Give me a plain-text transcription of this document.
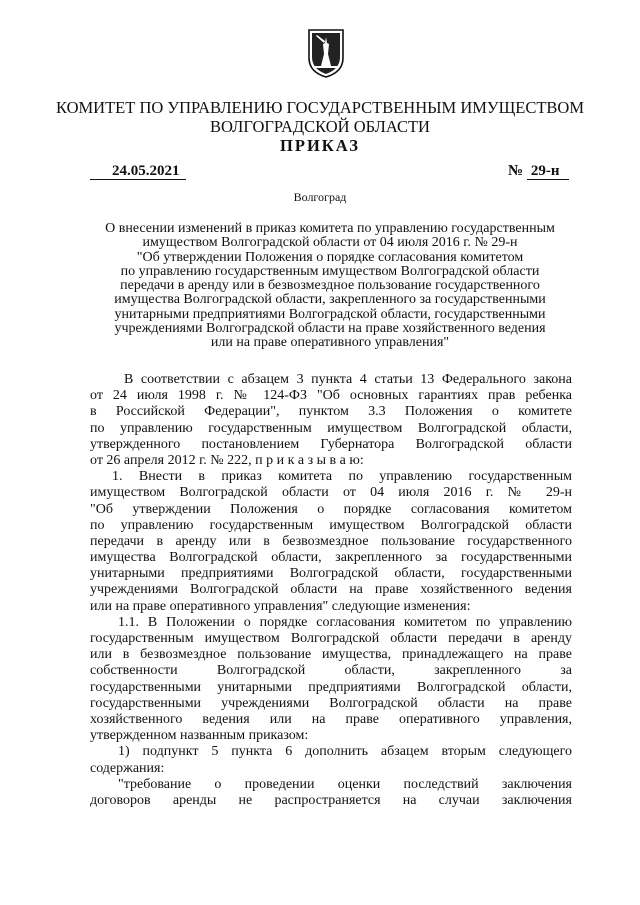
КОМИТЕТ ПО УПРАВЛЕНИЮ ГОСУДАРСТВЕННЫМ ИМУЩЕСТВОМ
ВОЛГОГРАДСКОЙ ОБЛАСТИ
ПРИКАЗ
24.05.2021	№ 29-н
Волгоград
О внесении изменений в приказ комитета по управлению государственным
имуществом Волгоградской области от 04 июля 2016 г. № 29-н
"Об утверждении Положения о порядке согласования комитетом
по управлению государственным имуществом Волгоградской области
передачи в аренду или в безвозмездное пользование государственного
имущества Волгоградской области, закрепленного за государственными
унитарными предприятиями Волгоградской области, государственными
учреждениями Волгоградской области на праве хозяйственного ведения
или на праве оперативного управления"
В соответствии с абзацем 3 пункта 4 статьи 13 Федерального закона
от 24 июля 1998 г. № 124-ФЗ "Об основных гарантиях прав ребенка
в Российской Федерации", пунктом 3.3 Положения о комитете
по управлению государственным имуществом Волгоградской области,
утвержденного постановлением Губернатора Волгоградской области
от 26 апреля 2012 г. № 222, п р и к а з ы в а ю:
1. Внести в приказ комитета по управлению государственным
имуществом Волгоградской области от 04 июля 2016 г. № 29-н
"Об утверждении Положения о порядке согласования комитетом
по управлению государственным имуществом Волгоградской области
передачи в аренду или в безвозмездное пользование государственного
имущества Волгоградской области, закрепленного за государственными
унитарными предприятиями Волгоградской области, государственными
учреждениями Волгоградской области на праве хозяйственного ведения
или на праве оперативного управления" следующие изменения:
1.1. В Положении о порядке согласования комитетом по управлению
государственным имуществом Волгоградской области передачи в аренду
или в безвозмездное пользование имущества, принадлежащего на праве
собственности Волгоградской области, закрепленного за
государственными унитарными предприятиями Волгоградской области,
государственными учреждениями Волгоградской области на праве
хозяйственного ведения или на праве оперативного управления,
утвержденном названным приказом:
1) подпункт 5 пункта 6 дополнить абзацем вторым следующего
содержания:
"требование о проведении оценки последствий заключения
договоров аренды не распространяется на случаи заключения
